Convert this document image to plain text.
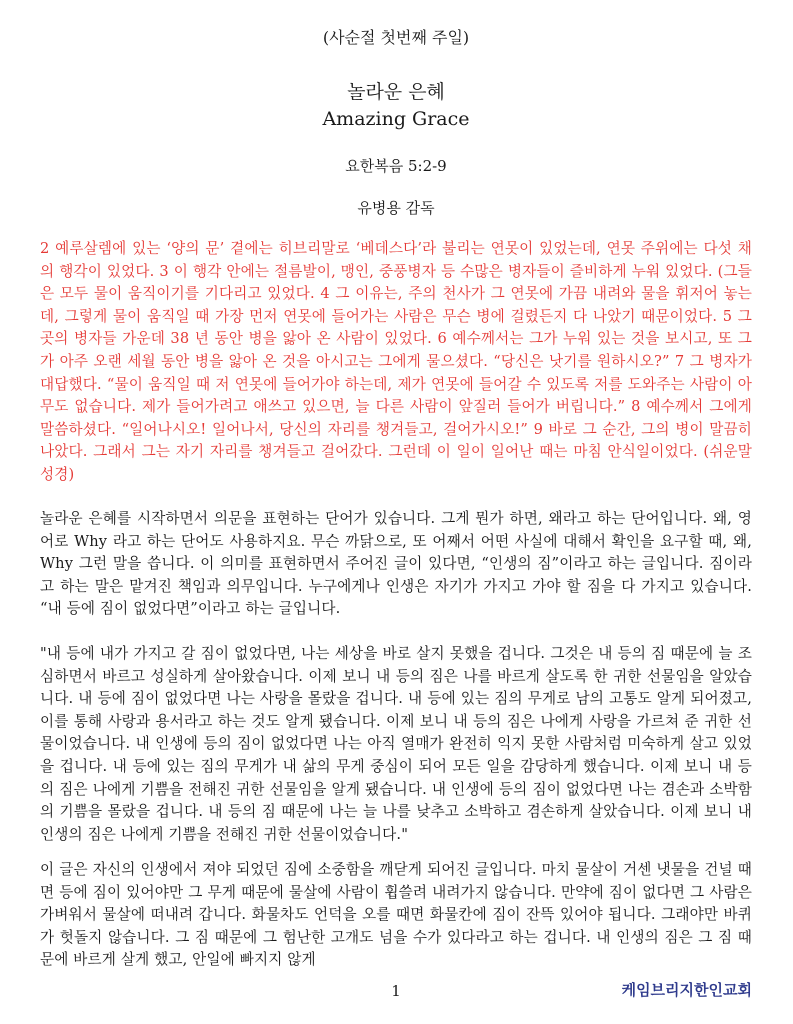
(사순절 첫번째 주일)
놀라운 은혜
Amazing Grace
요한복음 5:2-9
유병용 감독

2 예루살렘에 있는 ‘양의 문’ 곁에는 히브리말로 ‘베데스다’라 불리는 연못이 있었는데, 연못 주위에는 다섯 채의 행각이 있었다. 3 이 행각 안에는 절름발이, 맹인, 중풍병자 등 수많은 병자들이 즐비하게 누워 있었다. (그들은 모두 물이 움직이기를 기다리고 있었다. 4 그 이유는, 주의 천사가 그 연못에 가끔 내려와 물을 휘저어 놓는데, 그렇게 물이 움직일 때 가장 먼저 연못에 들어가는 사람은 무슨 병에 걸렸든지 다 나았기 때문이었다. 5 그곳의 병자들 가운데 38 년 동안 병을 앓아 온 사람이 있었다. 6 예수께서는 그가 누워 있는 것을 보시고, 또 그가 아주 오랜 세월 동안 병을 앓아 온 것을 아시고는 그에게 물으셨다. “당신은 낫기를 원하시오?” 7 그 병자가 대답했다. “물이 움직일 때 저 연못에 들어가야 하는데, 제가 연못에 들어갈 수 있도록 저를 도와주는 사람이 아무도 없습니다. 제가 들어가려고 애쓰고 있으면, 늘 다른 사람이 앞질러 들어가 버립니다.” 8 예수께서 그에게 말씀하셨다. “일어나시오! 일어나서, 당신의 자리를 챙겨들고, 걸어가시오!” 9 바로 그 순간, 그의 병이 말끔히 나았다. 그래서 그는 자기 자리를 챙겨들고 걸어갔다. 그런데 이 일이 일어난 때는 마침 안식일이었다. (쉬운말 성경)

놀라운 은혜를 시작하면서 의문을 표현하는 단어가 있습니다. 그게 뭔가 하면, 왜라고 하는 단어입니다. 왜, 영어로 Why 라고 하는 단어도 사용하지요. 무슨 까닭으로, 또 어째서 어떤 사실에 대해서 확인을 요구할 때, 왜, Why 그런 말을 씁니다. 이 의미를 표현하면서 주어진 글이 있다면, “인생의 짐”이라고 하는 글입니다. 짐이라고 하는 말은 맡겨진 책임과 의무입니다. 누구에게나 인생은 자기가 가지고 가야 할 짐을 다 가지고 있습니다. “내 등에 짐이 없었다면”이라고 하는 글입니다.

"내 등에 내가 가지고 갈 짐이 없었다면, 나는 세상을 바로 살지 못했을 겁니다. 그것은 내 등의 짐 때문에 늘 조심하면서 바르고 성실하게 살아왔습니다. 이제 보니 내 등의 짐은 나를 바르게 살도록 한 귀한 선물임을 알았습니다. 내 등에 짐이 없었다면 나는 사랑을 몰랐을 겁니다. 내 등에 있는 짐의 무게로 남의 고통도 알게 되어졌고, 이를 통해 사랑과 용서라고 하는 것도 알게 됐습니다. 이제 보니 내 등의 짐은 나에게 사랑을 가르쳐 준 귀한 선물이었습니다. 내 인생에 등의 짐이 없었다면 나는 아직 열매가 완전히 익지 못한 사람처럼 미숙하게 살고 있었을 겁니다. 내 등에 있는 짐의 무게가 내 삶의 무게 중심이 되어 모든 일을 감당하게 했습니다. 이제 보니 내 등의 짐은 나에게 기쁨을 전해진 귀한 선물임을 알게 됐습니다. 내 인생에 등의 짐이 없었다면 나는 겸손과 소박함의 기쁨을 몰랐을 겁니다. 내 등의 짐 때문에 나는 늘 나를 낮추고 소박하고 겸손하게 살았습니다. 이제 보니 내 인생의 짐은 나에게 기쁨을 전해진 귀한 선물이었습니다."

이 글은 자신의 인생에서 져야 되었던 짐에 소중함을 깨닫게 되어진 글입니다. 마치 물살이 거센 냇물을 건널 때면 등에 짐이 있어야만 그 무게 때문에 물살에 사람이 휩쓸려 내려가지 않습니다. 만약에 짐이 없다면 그 사람은 가벼워서 물살에 떠내려 갑니다. 화물차도 언덕을 오를 때면 화물칸에 짐이 잔뜩 있어야 됩니다. 그래야만 바퀴가 헛돌지 않습니다. 그 짐 때문에 그 험난한 고개도 넘을 수가 있다라고 하는 겁니다. 내 인생의 짐은 그 짐 때문에 바르게 살게 했고, 안일에 빠지지 않게

1	케임브리지한인교회
